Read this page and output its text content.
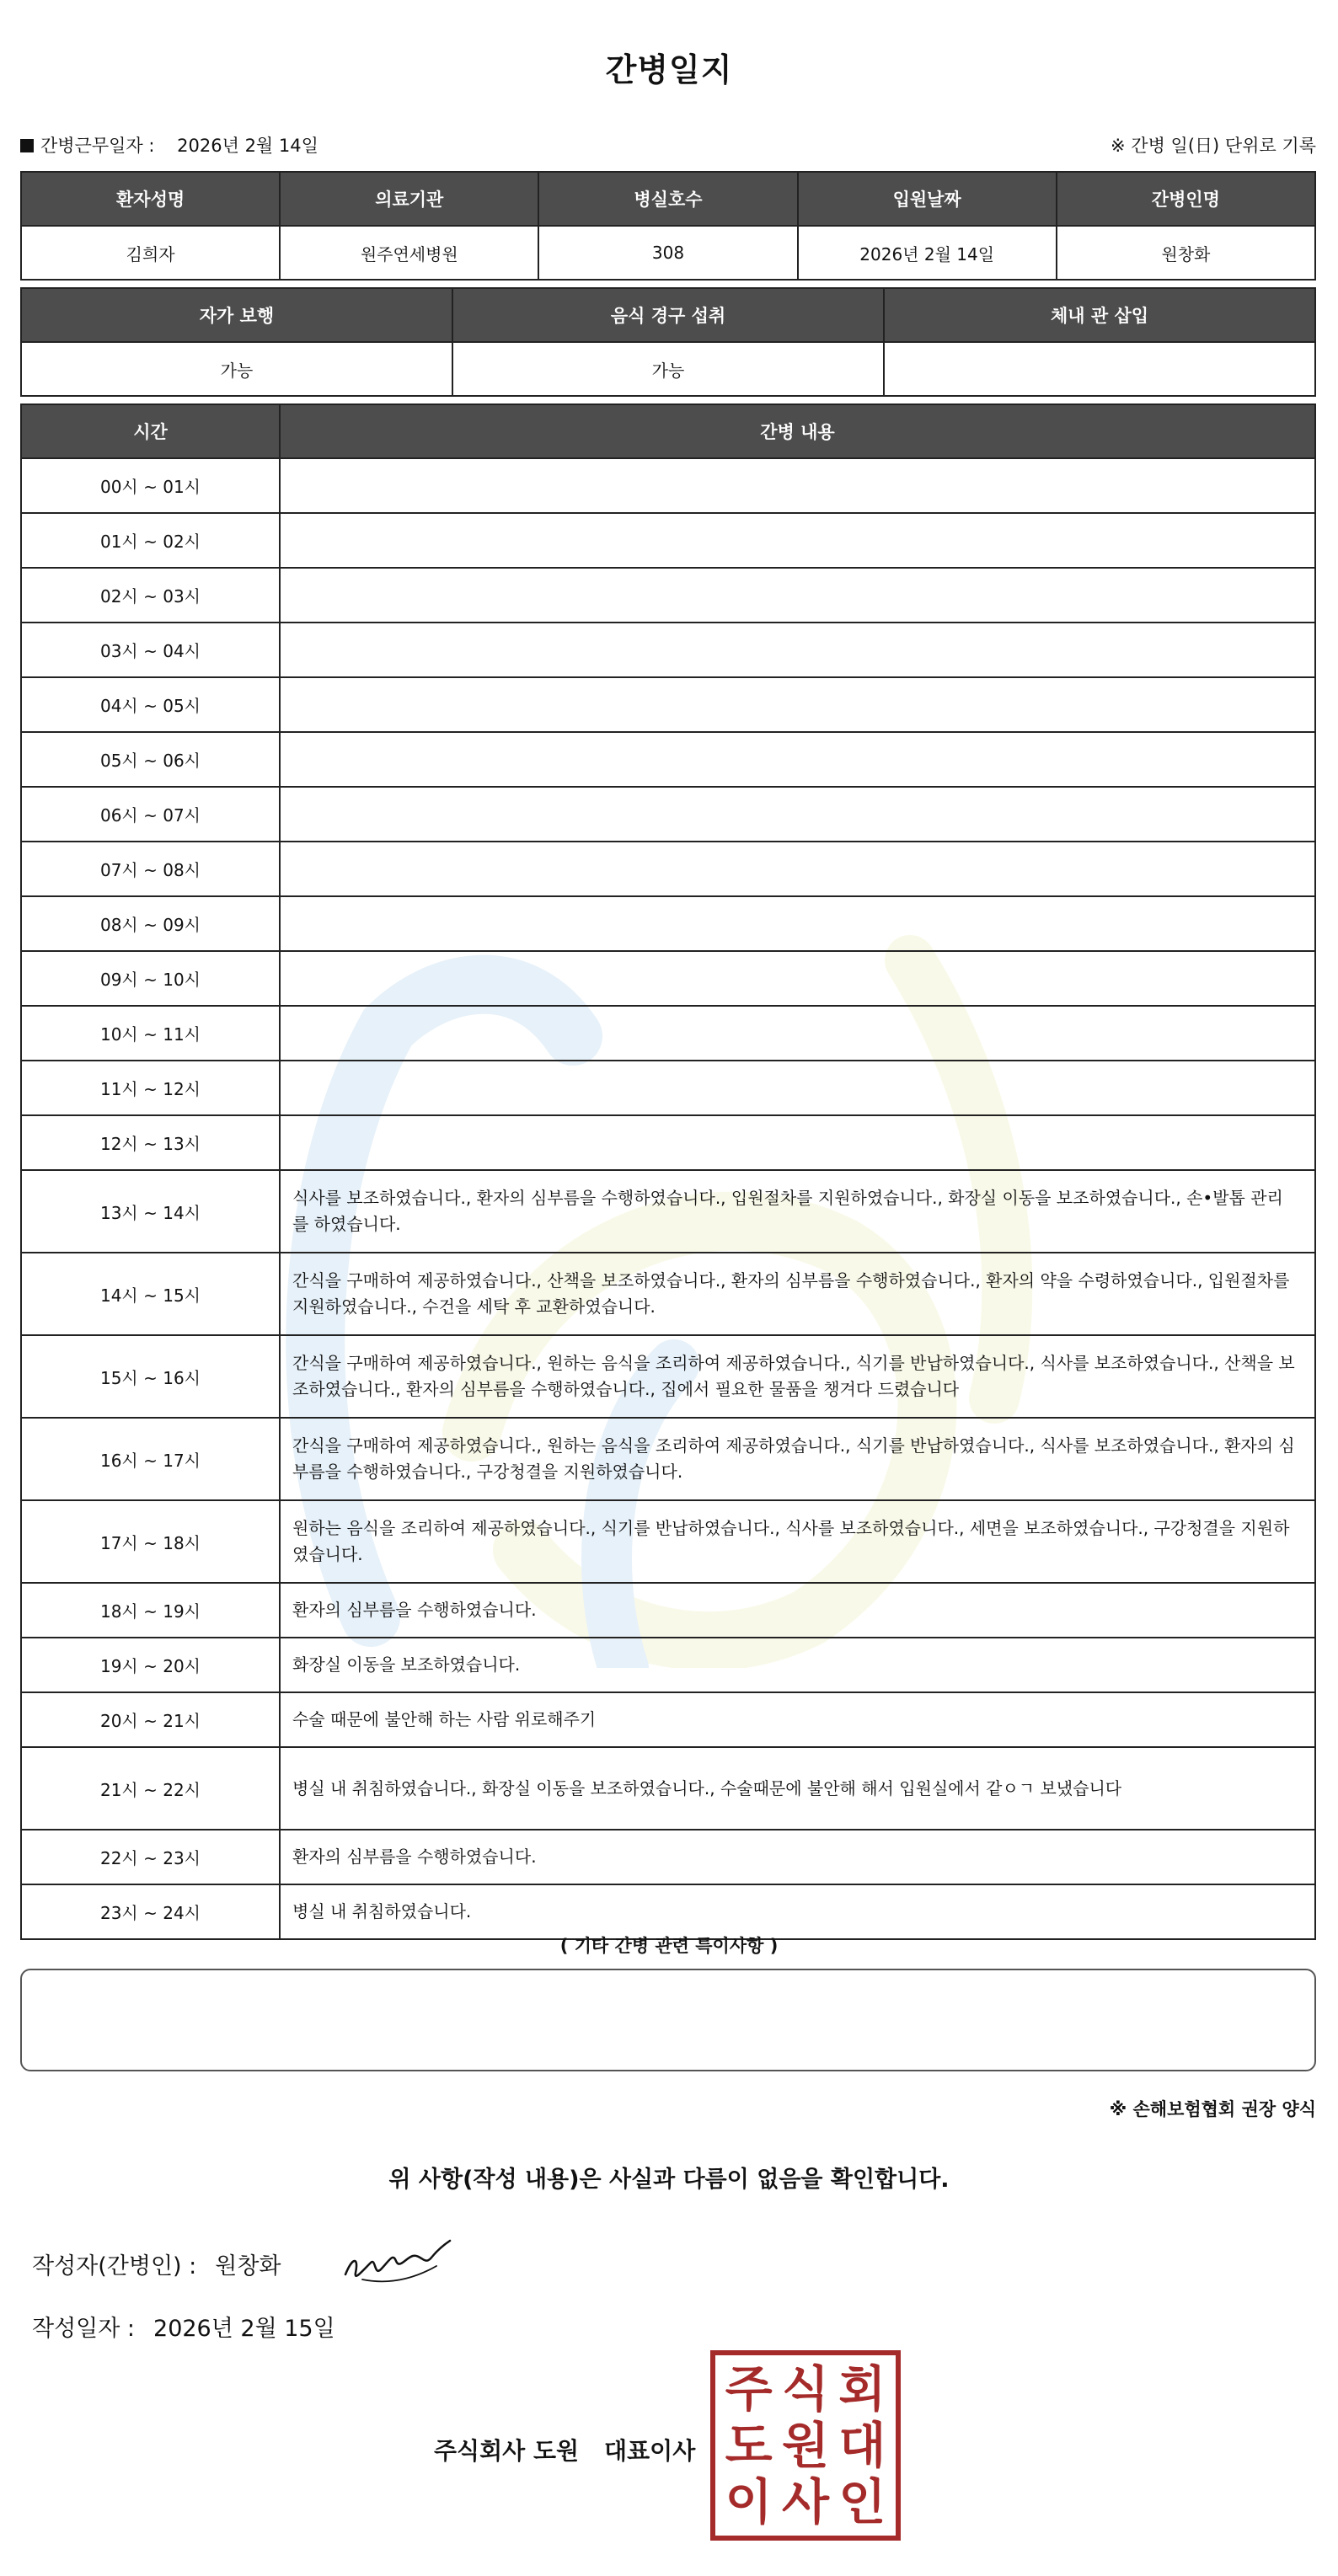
간병일지
간병근무일자 : 2026년 2월 14일	※ 간병 일(日) 단위로 기록
환자성명	의료기관	병실호수	입원날짜	간병인명
김희자	원주연세병원	308	2026년 2월 14일	원창화
자가 보행	음식 경구 섭취	체내 관 삽입
가능	가능	
시간	간병 내용
00시 ~ 01시	
01시 ~ 02시	
02시 ~ 03시	
03시 ~ 04시	
04시 ~ 05시	
05시 ~ 06시	
06시 ~ 07시	
07시 ~ 08시	
08시 ~ 09시	
09시 ~ 10시	
10시 ~ 11시	
11시 ~ 12시	
12시 ~ 13시	
13시 ~ 14시	식사를 보조하였습니다., 환자의 심부름을 수행하였습니다., 입원절차를 지원하였습니다., 화장실 이동을 보조하였습니다., 손•발톱 관리를 하였습니다.
14시 ~ 15시	간식을 구매하여 제공하였습니다., 산책을 보조하였습니다., 환자의 심부름을 수행하였습니다., 환자의 약을 수령하였습니다., 입원절차를 지원하였습니다., 수건을 세탁 후 교환하였습니다.
15시 ~ 16시	간식을 구매하여 제공하였습니다., 원하는 음식을 조리하여 제공하였습니다., 식기를 반납하였습니다., 식사를 보조하였습니다., 산책을 보조하였습니다., 환자의 심부름을 수행하였습니다., 집에서 필요한 물품을 챙겨다 드렸습니다
16시 ~ 17시	간식을 구매하여 제공하였습니다., 원하는 음식을 조리하여 제공하였습니다., 식기를 반납하였습니다., 식사를 보조하였습니다., 환자의 심부름을 수행하였습니다., 구강청결을 지원하였습니다.
17시 ~ 18시	원하는 음식을 조리하여 제공하였습니다., 식기를 반납하였습니다., 식사를 보조하였습니다., 세면을 보조하였습니다., 구강청결을 지원하였습니다.
18시 ~ 19시	환자의 심부름을 수행하였습니다.
19시 ~ 20시	화장실 이동을 보조하였습니다.
20시 ~ 21시	수술 때문에 불안해 하는 사람 위로해주기
21시 ~ 22시	병실 내 취침하였습니다., 화장실 이동을 보조하였습니다., 수술때문에 불안해 해서 입원실에서 같ㅇㄱ 보냈습니다
22시 ~ 23시	환자의 심부름을 수행하였습니다.
23시 ~ 24시	병실 내 취침하였습니다.
( 기타 간병 관련 특이사항 )
※ 손해보험협회 권장 양식
위 사항(작성 내용)은 사실과 다름이 없음을 확인합니다.
작성자(간병인) : 원창화
작성일자 : 2026년 2월 15일
주식회사 도원 대표이사
주 식 회
도 원 대
이 사 인
